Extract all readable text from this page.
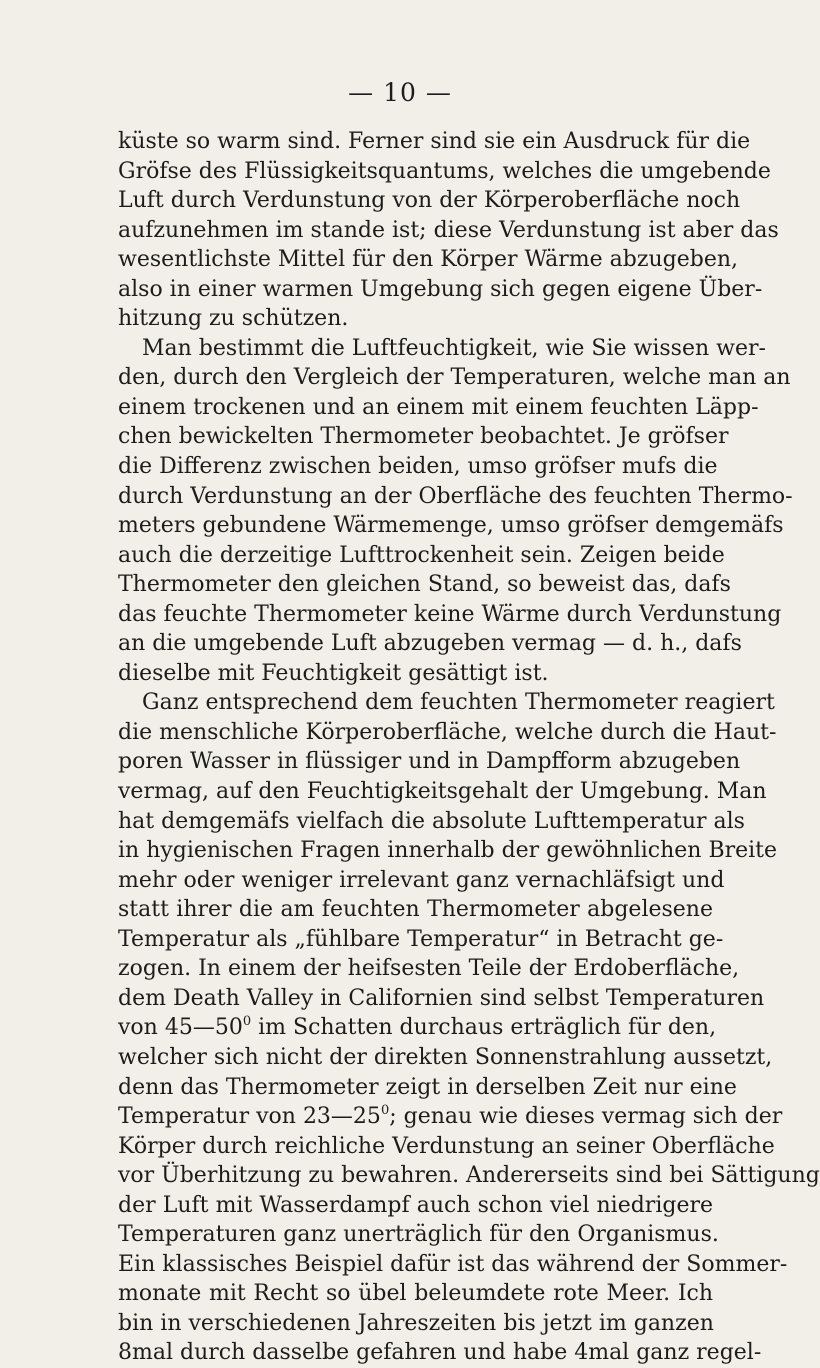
— 10 —
küste so warm sind. Ferner sind sie ein Ausdruck für die
Gröfse des Flüssigkeitsquantums, welches die umgebende
Luft durch Verdunstung von der Körperoberfläche noch
aufzunehmen im stande ist; diese Verdunstung ist aber das
wesentlichste Mittel für den Körper Wärme abzugeben,
also in einer warmen Umgebung sich gegen eigene Über-
hitzung zu schützen.
Man bestimmt die Luftfeuchtigkeit, wie Sie wissen wer-
den, durch den Vergleich der Temperaturen, welche man an
einem trockenen und an einem mit einem feuchten Läpp-
chen bewickelten Thermometer beobachtet. Je gröfser
die Differenz zwischen beiden, umso gröfser mufs die
durch Verdunstung an der Oberfläche des feuchten Thermo-
meters gebundene Wärmemenge, umso gröfser demgemäfs
auch die derzeitige Lufttrockenheit sein. Zeigen beide
Thermometer den gleichen Stand, so beweist das, dafs
das feuchte Thermometer keine Wärme durch Verdunstung
an die umgebende Luft abzugeben vermag — d. h., dafs
dieselbe mit Feuchtigkeit gesättigt ist.
Ganz entsprechend dem feuchten Thermometer reagiert
die menschliche Körperoberfläche, welche durch die Haut-
poren Wasser in flüssiger und in Dampfform abzugeben
vermag, auf den Feuchtigkeitsgehalt der Umgebung. Man
hat demgemäfs vielfach die absolute Lufttemperatur als
in hygienischen Fragen innerhalb der gewöhnlichen Breite
mehr oder weniger irrelevant ganz vernachläfsigt und
statt ihrer die am feuchten Thermometer abgelesene
Temperatur als „fühlbare Temperatur“ in Betracht ge-
zogen. In einem der heifsesten Teile der Erdoberfläche,
dem Death Valley in Californien sind selbst Temperaturen
von $45—50^0$ im Schatten durchaus erträglich für den,
welcher sich nicht der direkten Sonnenstrahlung aussetzt,
denn das Thermometer zeigt in derselben Zeit nur eine
Temperatur von $23—25^0$; genau wie dieses vermag sich der
Körper durch reichliche Verdunstung an seiner Oberfläche
vor Überhitzung zu bewahren. Andererseits sind bei Sättigung
der Luft mit Wasserdampf auch schon viel niedrigere
Temperaturen ganz unerträglich für den Organismus.
Ein klassisches Beispiel dafür ist das während der Sommer-
monate mit Recht so übel beleumdete rote Meer. Ich
bin in verschiedenen Jahreszeiten bis jetzt im ganzen
8mal durch dasselbe gefahren und habe 4mal ganz regel-
